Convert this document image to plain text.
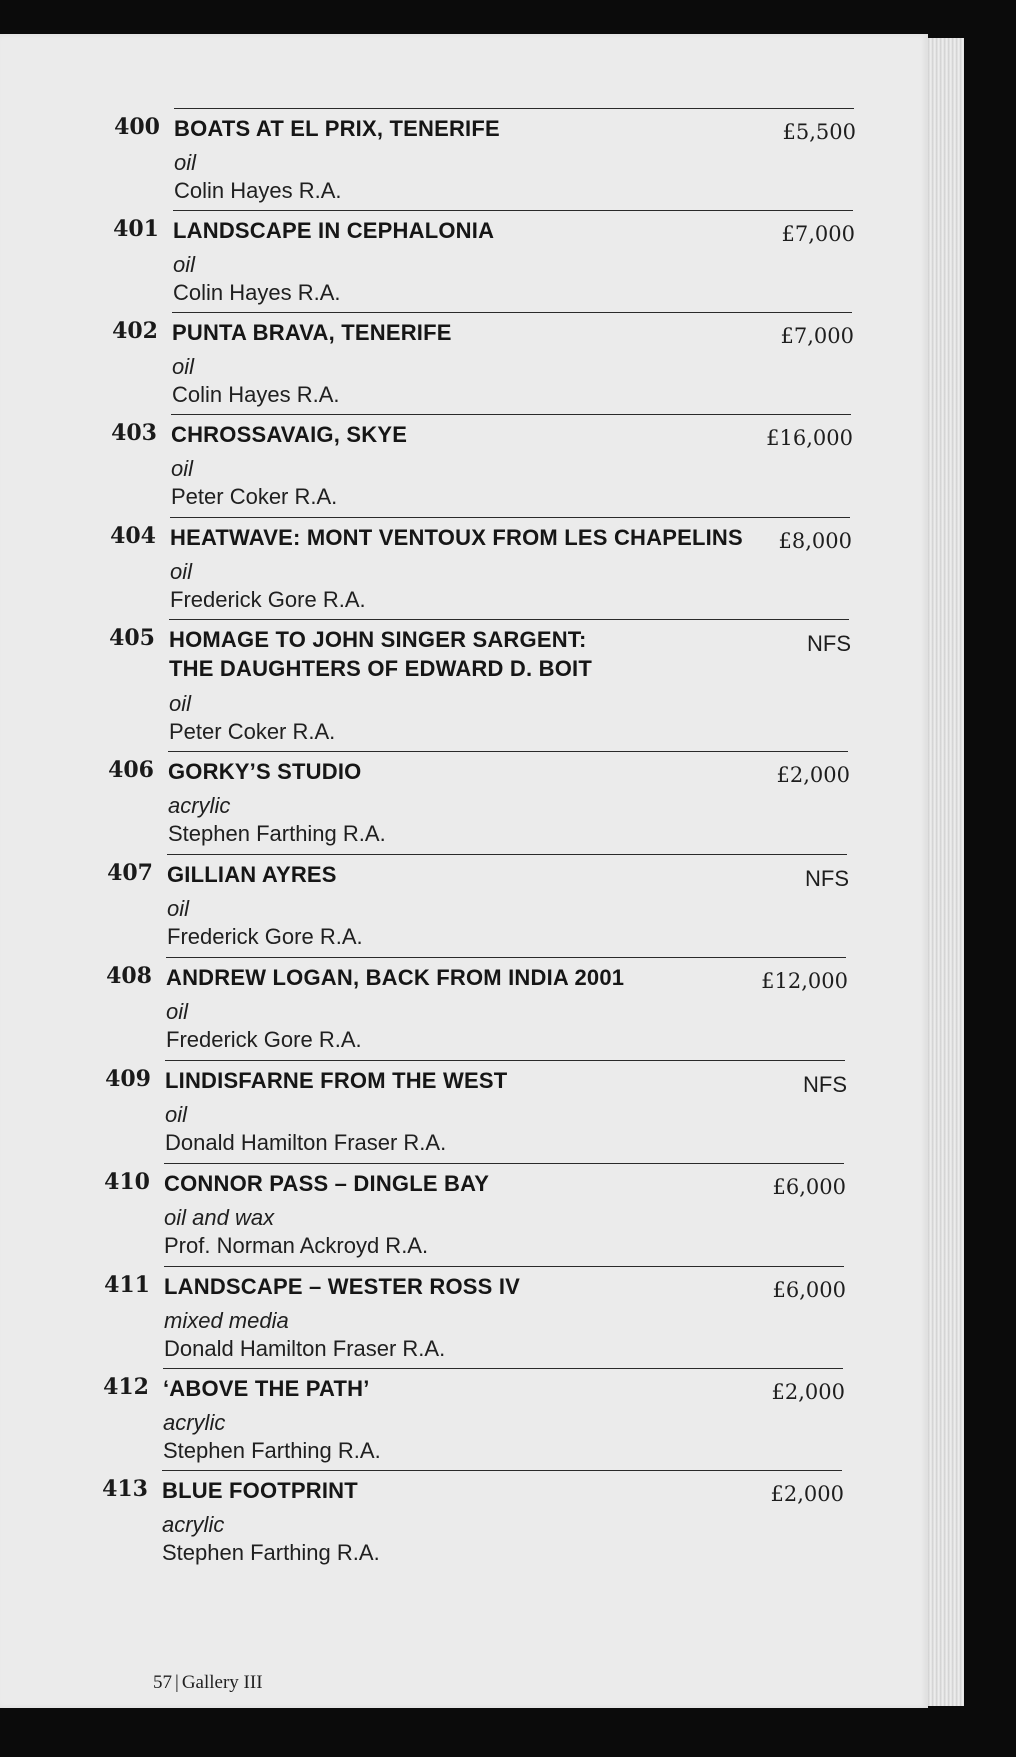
400 BOATS AT EL PRIX, TENERIFE
oil
Colin Hayes R.A.
£5,500
401 LANDSCAPE IN CEPHALONIA
oil
Colin Hayes R.A.
£7,000
402 PUNTA BRAVA, TENERIFE
oil
Colin Hayes R.A.
£7,000
403 CHROSSAVAIG, SKYE
oil
Peter Coker R.A.
£16,000
404 HEATWAVE: MONT VENTOUX FROM LES CHAPELINS
oil
Frederick Gore R.A.
£8,000
405 HOMAGE TO JOHN SINGER SARGENT:
THE DAUGHTERS OF EDWARD D. BOIT
oil
Peter Coker R.A.
NFS
406 GORKY’S STUDIO
acrylic
Stephen Farthing R.A.
£2,000
407 GILLIAN AYRES
oil
Frederick Gore R.A.
NFS
408 ANDREW LOGAN, BACK FROM INDIA 2001
oil
Frederick Gore R.A.
£12,000
409 LINDISFARNE FROM THE WEST
oil
Donald Hamilton Fraser R.A.
NFS
410 CONNOR PASS – DINGLE BAY
oil and wax
Prof. Norman Ackroyd R.A.
£6,000
411 LANDSCAPE – WESTER ROSS IV
mixed media
Donald Hamilton Fraser R.A.
£6,000
412 ‘ABOVE THE PATH’
acrylic
Stephen Farthing R.A.
£2,000
413 BLUE FOOTPRINT
acrylic
Stephen Farthing R.A.
£2,000
57 | Gallery III
